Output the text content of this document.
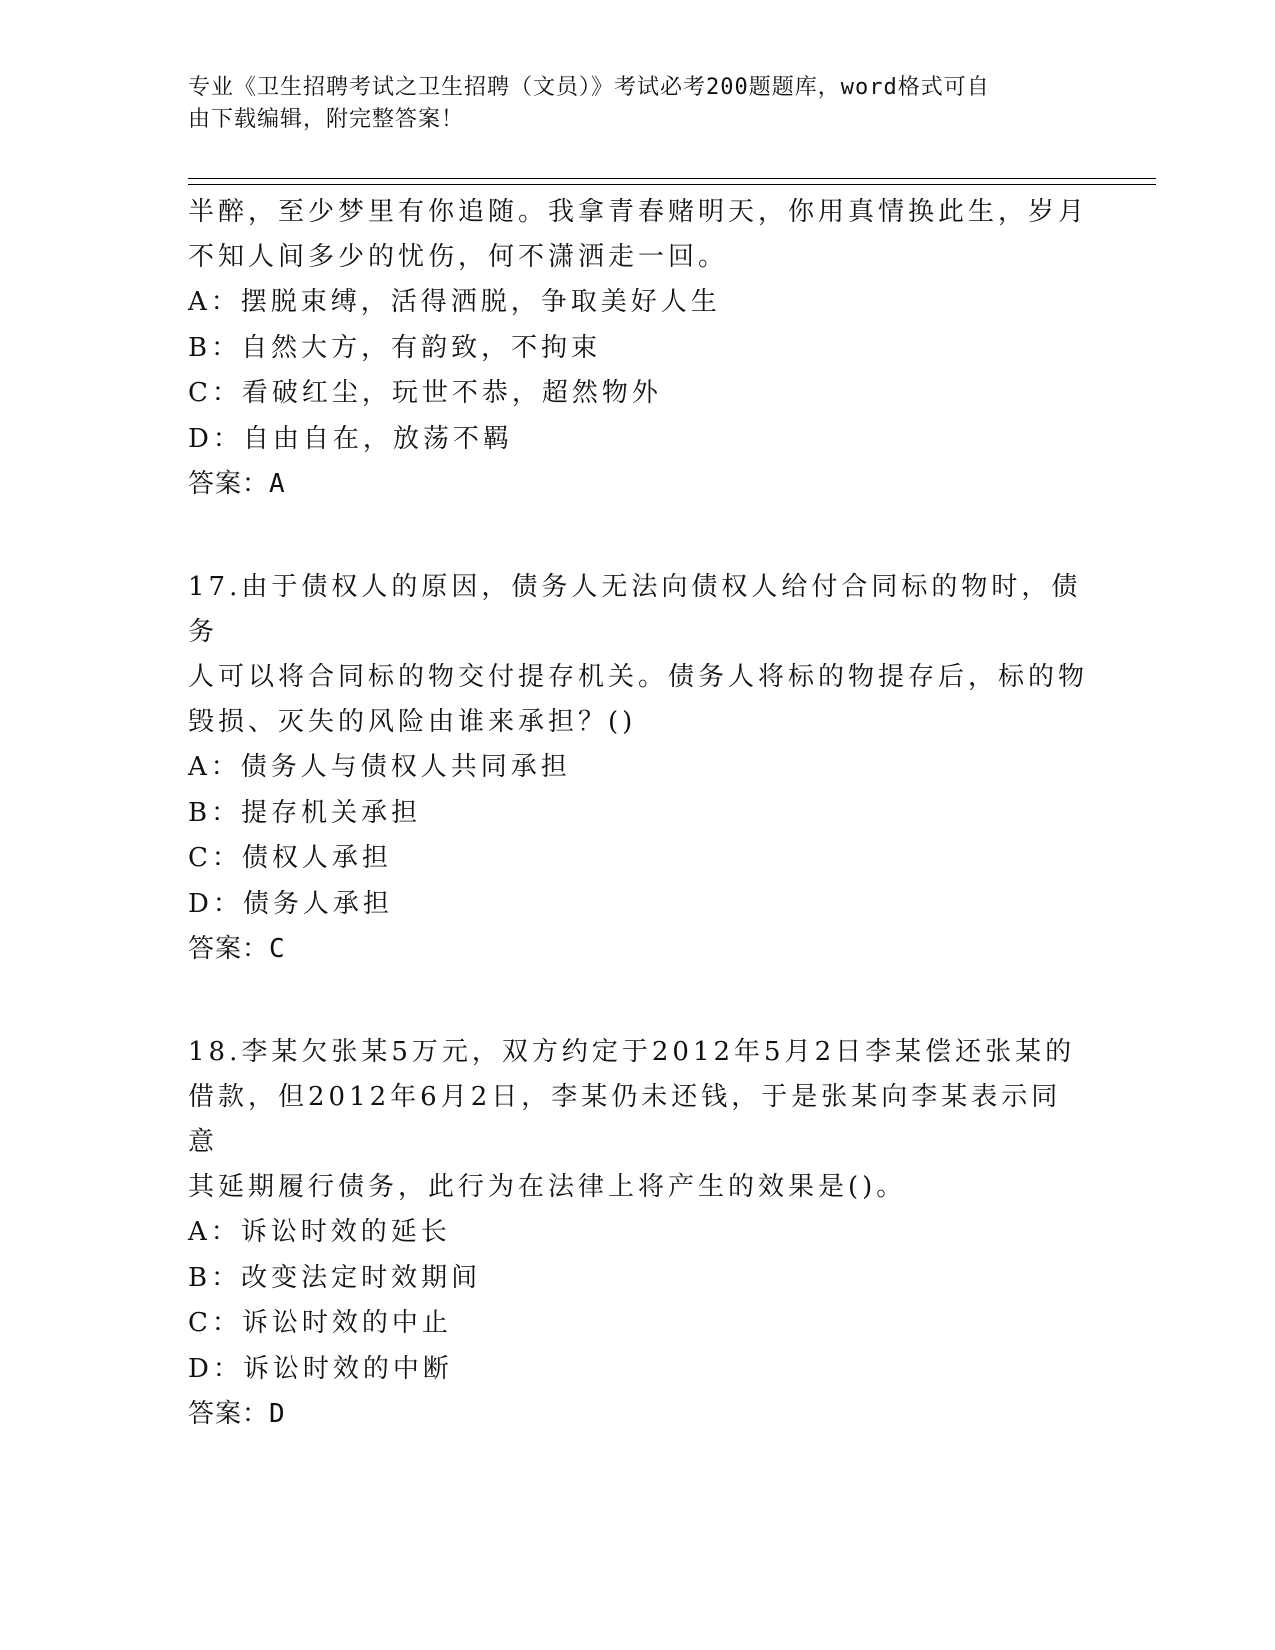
专业《卫生招聘考试之卫生招聘（文员）》考试必考200题题库，word格式可自
由下载编辑，附完整答案！

半醉，至少梦里有你追随。我拿青春赌明天，你用真情换此生，岁月

不知人间多少的忧伤，何不潇洒走一回。

A：摆脱束缚，活得洒脱，争取美好人生

B：自然大方，有韵致，不拘束

C：看破红尘，玩世不恭，超然物外

D：自由自在，放荡不羁

答案：A

17.由于债权人的原因，债务人无法向债权人给付合同标的物时，债务

人可以将合同标的物交付提存机关。债务人将标的物提存后，标的物

毁损、灭失的风险由谁来承担？()

A：债务人与债权人共同承担

B：提存机关承担

C：债权人承担

D：债务人承担

答案：C

18.李某欠张某5万元，双方约定于2012年5月2日李某偿还张某的

借款，但2012年6月2日，李某仍未还钱，于是张某向李某表示同意

其延期履行债务，此行为在法律上将产生的效果是()。

A：诉讼时效的延长

B：改变法定时效期间

C：诉讼时效的中止

D：诉讼时效的中断

答案：D
